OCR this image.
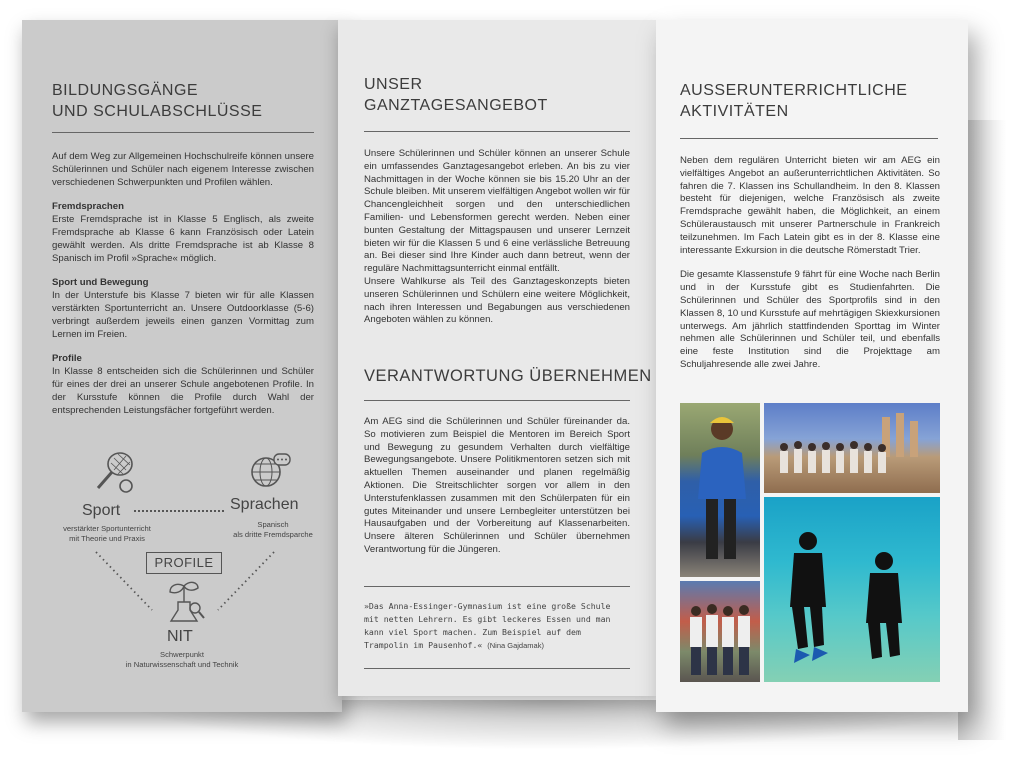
BILDUNGSGÄNGE
UND SCHULABSCHLÜSSE
Auf dem Weg zur Allgemeinen Hochschulreife können unsere Schülerinnen und Schüler nach eigenem Interesse zwischen verschiedenen Schwerpunkten und Profilen wählen.
Fremdsprachen
Erste Fremdsprache ist in Klasse 5 Englisch, als zweite Fremdsprache ab Klasse 6 kann Französisch oder Latein gewählt werden. Als dritte Fremdsprache ist ab Klasse 8 Spanisch im Profil »Sprache« möglich.
Sport und Bewegung
In der Unterstufe bis Klasse 7 bieten wir für alle Klassen verstärkten Sportunterricht an. Unsere Outdoorklasse (5-6) verbringt außerdem jeweils einen ganzen Vormittag zum Lernen im Freien.
Profile
In Klasse 8 entscheiden sich die Schülerinnen und Schüler für eines der drei an unserer Schule angebotenen Profile. In der Kursstufe können die Profile durch Wahl der entsprechenden Leistungsfächer fortgeführt werden.
Sport	Sprachen
verstärkter Sportunterricht
mit Theorie und Praxis
Spanisch
als dritte Fremdsparche
PROFILE
NIT
Schwerpunkt
in Naturwissenschaft und Technik
UNSER
GANZTAGESANGEBOT
Unsere Schülerinnen und Schüler können an unserer Schule ein umfassendes Ganztagesangebot erleben. An bis zu vier Nachmittagen in der Woche können sie bis 15.20 Uhr an der Schule bleiben. Mit unserem vielfältigen Angebot wollen wir für Chancengleichheit sorgen und den unterschiedlichen Familien- und Lebensformen gerecht werden. Neben einer bunten Gestaltung der Mittagspausen und unserer Lernzeit bieten wir für die Klassen 5 und 6 eine verlässliche Betreuung an. Bei dieser sind Ihre Kinder auch dann betreut, wenn der reguläre Nachmittagsunterricht einmal entfällt.
Unsere Wahlkurse als Teil des Ganztageskonzepts bieten unseren Schülerinnen und Schülern eine weitere Möglichkeit, nach ihren Interessen und Begabungen aus verschiedenen Angeboten wählen zu können.
VERANTWORTUNG ÜBERNEHMEN
Am AEG sind die Schülerinnen und Schüler füreinander da. So motivieren zum Beispiel die Mentoren im Bereich Sport und Bewegung zu gesundem Verhalten durch vielfältige Bewegungsangebote. Unsere Politikmentoren setzen sich mit aktuellen Themen auseinander und planen regelmäßig Aktionen. Die Streitschlichter sorgen vor allem in den Unterstufenklassen zusammen mit den Schülerpaten für ein gutes Miteinander und unsere Lernbegleiter unterstützen bei Hausaufgaben und der Vorbereitung auf Klassenarbeiten. Unsere älteren Schülerinnen und Schüler übernehmen Verantwortung für die Jüngeren.
»Das Anna-Essinger-Gymnasium ist eine große Schule mit netten Lehrern. Es gibt leckeres Essen und man kann viel Sport machen. Zum Beispiel auf dem Trampolin im Pausenhof.« (Nina Gajdamak)
AUSSERUNTERRICHTLICHE
AKTIVITÄTEN
Neben dem regulären Unterricht bieten wir am AEG ein vielfältiges Angebot an außerunterrichtlichen Aktivitäten. So fahren die 7. Klassen ins Schullandheim. In den 8. Klassen besteht für diejenigen, welche Französisch als zweite Fremdsprache gewählt haben, die Möglichkeit, an einem Schüleraustausch mit unserer Partnerschule in Frankreich teilzunehmen. Im Fach Latein gibt es in der 8. Klasse eine interessante Exkursion in die deutsche Römerstadt Trier.
Die gesamte Klassenstufe 9 fährt für eine Woche nach Berlin und in der Kursstufe gibt es Studienfahrten. Die Schülerinnen und Schüler des Sportprofils sind in den Klassen 8, 10 und Kursstufe auf mehrtägigen Skiexkursionen unterwegs. Am jährlich stattfindenden Sporttag im Winter nehmen alle Schülerinnen und Schüler teil, und ebenfalls eine feste Institution sind die Projekttage am Schuljahresende alle zwei Jahre.
